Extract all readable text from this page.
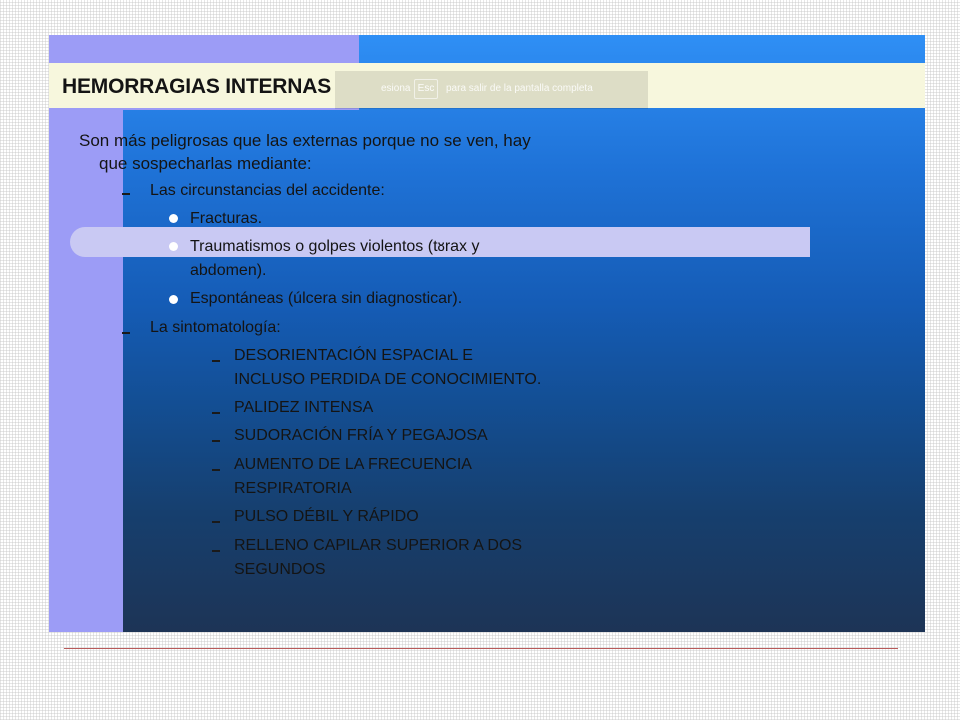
HEMORRAGIAS INTERNAS	esiona Esc	para salir de la pantalla completa
Son más peligrosas que las externas porque no se ven, hay
que sospecharlas mediante:
Las circunstancias del accidente:
Fracturas.
Traumatismos o golpes violentos (tᴕrax y
abdomen).
Espontáneas (úlcera sin diagnosticar).
La sintomatología:
DESORIENTACIÓN ESPACIAL E
INCLUSO PERDIDA DE CONOCIMIENTO.
PALIDEZ INTENSA
SUDORACIÓN FRÍA Y PEGAJOSA
AUMENTO DE LA FRECUENCIA
RESPIRATORIA
PULSO DÉBIL Y RÁPIDO
RELLENO CAPILAR SUPERIOR A DOS
SEGUNDOS
